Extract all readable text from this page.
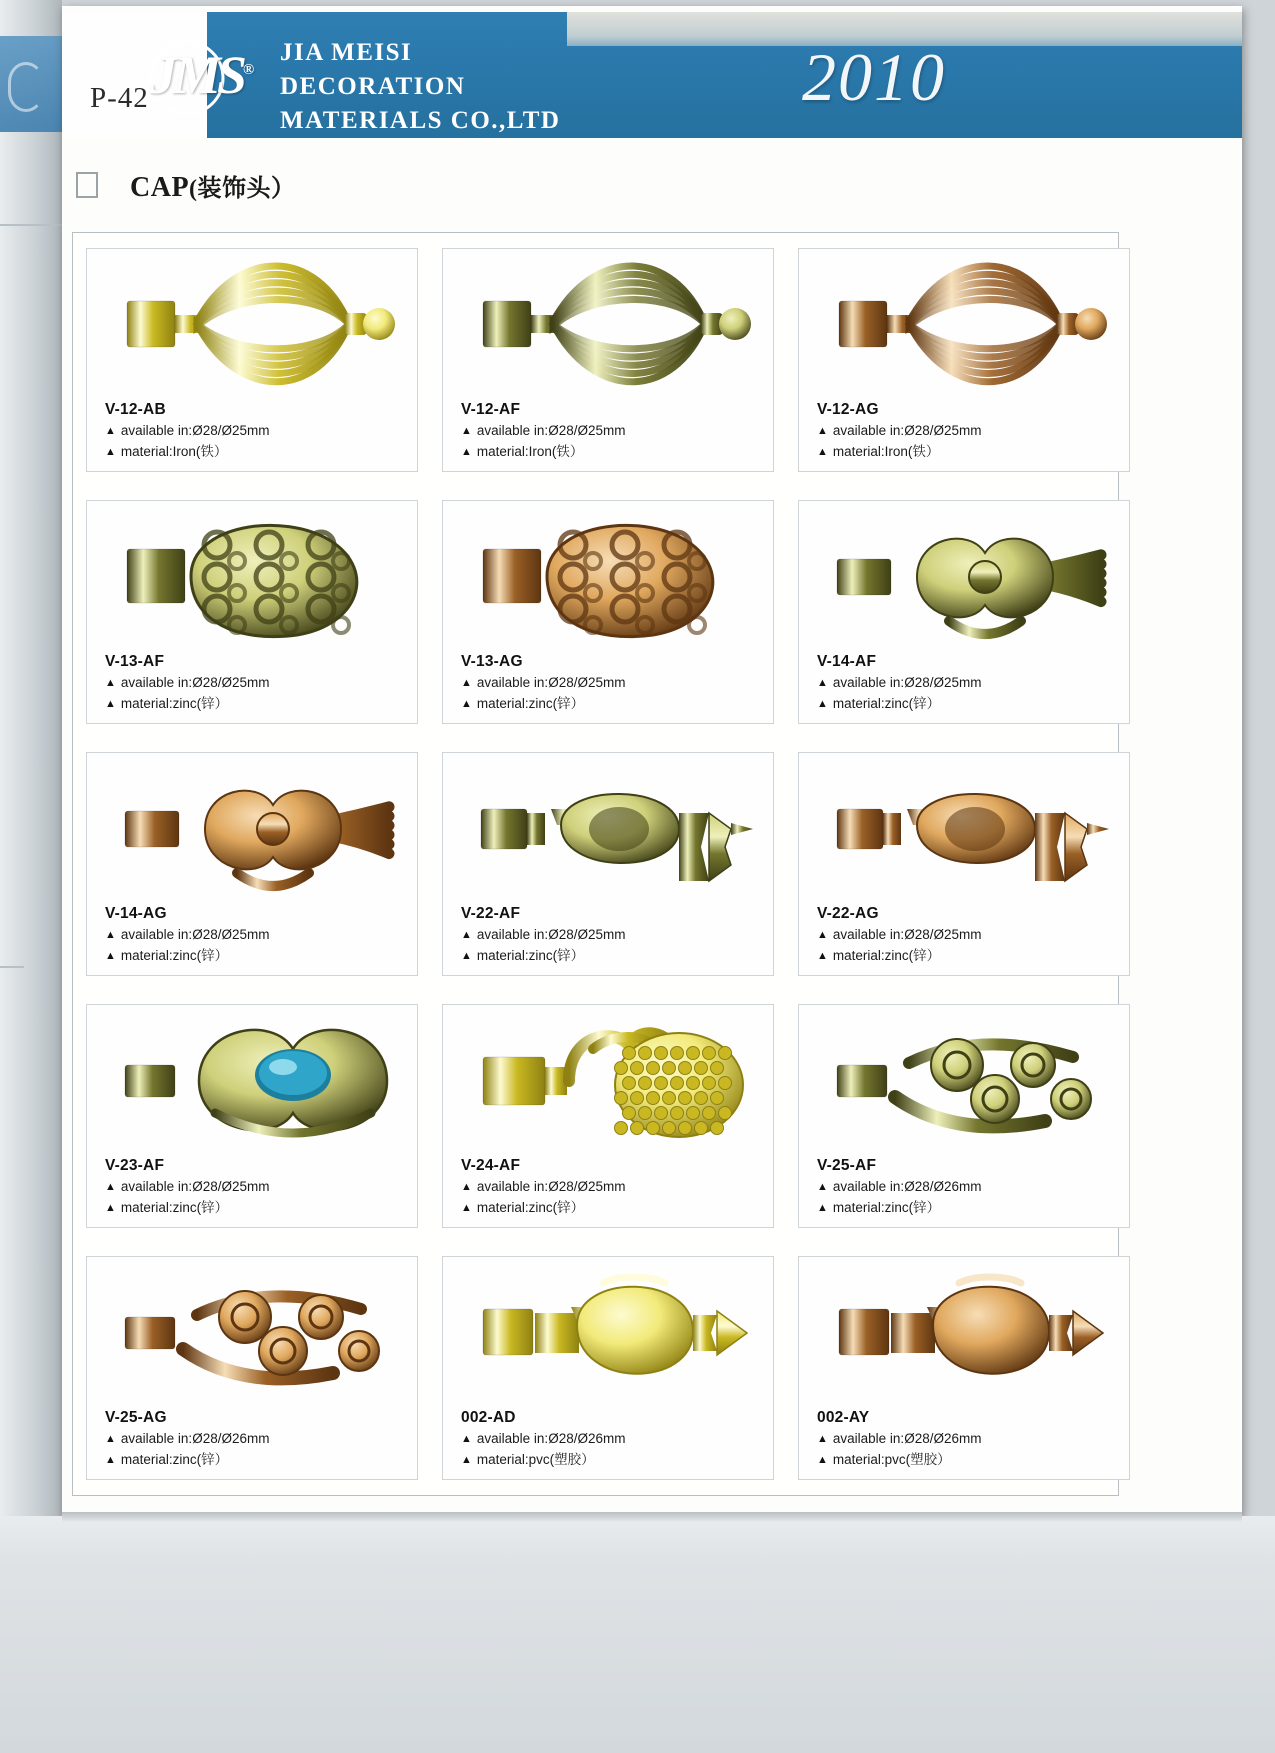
P-42 JMS®
JIA MEISI
DECORATION
MATERIALS CO.,LTD
2010
CAP(装饰头）
V-12-AB
▲ available in:Ø28/Ø25mm
▲ material:Iron(铁）
V-12-AF
▲ available in:Ø28/Ø25mm
▲ material:Iron(铁）
V-12-AG
▲ available in:Ø28/Ø25mm
▲ material:Iron(铁）
V-13-AF
▲ available in:Ø28/Ø25mm
▲ material:zinc(锌）
V-13-AG
▲ available in:Ø28/Ø25mm
▲ material:zinc(锌）
V-14-AF
▲ available in:Ø28/Ø25mm
▲ material:zinc(锌）
V-14-AG
▲ available in:Ø28/Ø25mm
▲ material:zinc(锌）
V-22-AF
▲ available in:Ø28/Ø25mm
▲ material:zinc(锌）
V-22-AG
▲ available in:Ø28/Ø25mm
▲ material:zinc(锌）
V-23-AF
▲ available in:Ø28/Ø25mm
▲ material:zinc(锌）
V-24-AF
▲ available in:Ø28/Ø25mm
▲ material:zinc(锌）
V-25-AF
▲ available in:Ø28/Ø26mm
▲ material:zinc(锌）
V-25-AG
▲ available in:Ø28/Ø26mm
▲ material:zinc(锌）
002-AD
▲ available in:Ø28/Ø26mm
▲ material:pvc(塑胶）
002-AY
▲ available in:Ø28/Ø26mm
▲ material:pvc(塑胶）
